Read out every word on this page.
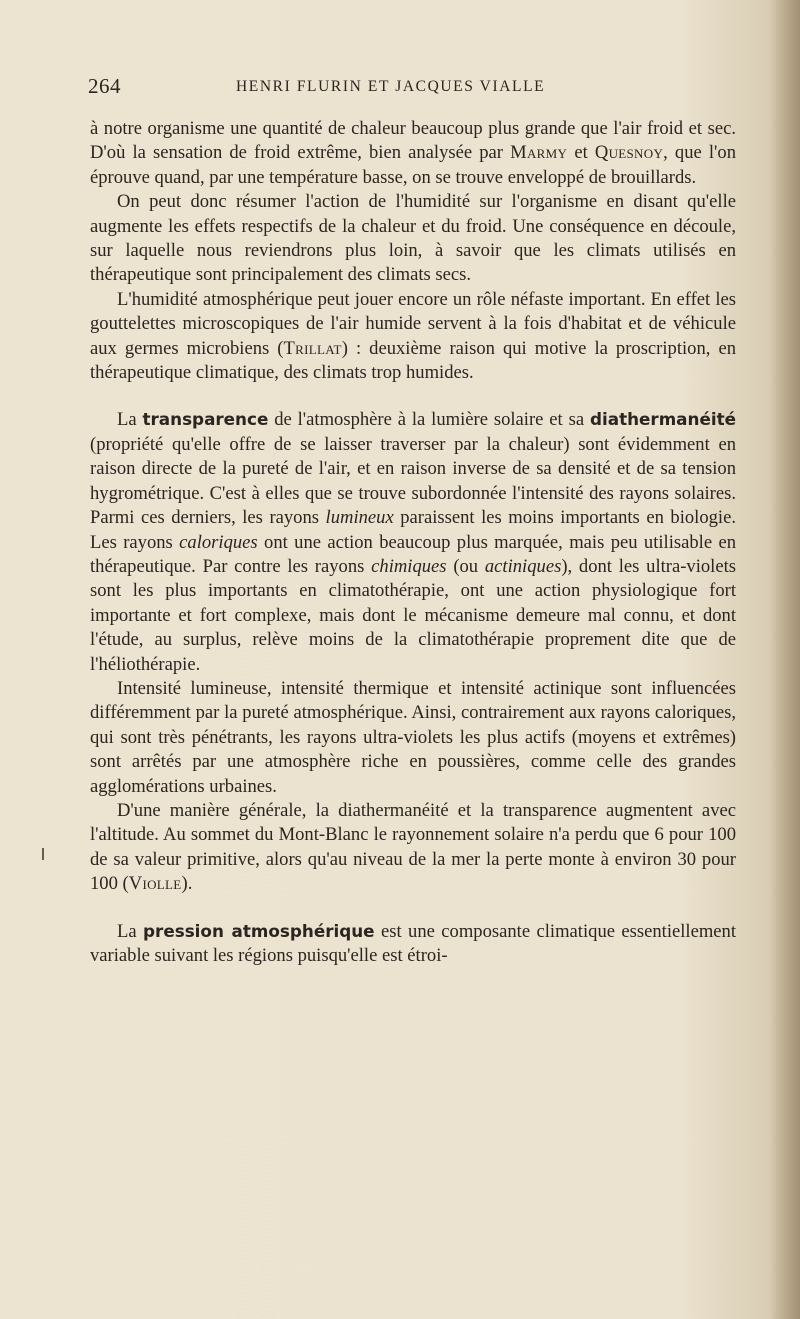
264	HENRI FLURIN ET JACQUES VIALLE

à notre organisme une quantité de chaleur beaucoup plus grande que l'air froid et sec. D'où la sensation de froid extrême, bien analysée par Marmy et Quesnoy, que l'on éprouve quand, par une température basse, on se trouve enveloppé de brouillards.

On peut donc résumer l'action de l'humidité sur l'organisme en disant qu'elle augmente les effets respectifs de la chaleur et du froid. Une conséquence en découle, sur laquelle nous reviendrons plus loin, à savoir que les climats utilisés en thérapeutique sont principalement des climats secs.

L'humidité atmosphérique peut jouer encore un rôle néfaste important. En effet les gouttelettes microscopiques de l'air humide servent à la fois d'habitat et de véhicule aux germes microbiens (Trillat) : deuxième raison qui motive la proscription, en thérapeutique climatique, des climats trop humides.

La transparence de l'atmosphère à la lumière solaire et sa diathermanéité (propriété qu'elle offre de se laisser traverser par la chaleur) sont évidemment en raison directe de la pureté de l'air, et en raison inverse de sa densité et de sa tension hygrométrique. C'est à elles que se trouve subordonnée l'intensité des rayons solaires. Parmi ces derniers, les rayons lumineux paraissent les moins importants en biologie. Les rayons caloriques ont une action beaucoup plus marquée, mais peu utilisable en thérapeutique. Par contre les rayons chimiques (ou actiniques), dont les ultra-violets sont les plus importants en climatothérapie, ont une action physiologique fort importante et fort complexe, mais dont le mécanisme demeure mal connu, et dont l'étude, au surplus, relève moins de la climatothérapie proprement dite que de l'héliothérapie.

Intensité lumineuse, intensité thermique et intensité actinique sont influencées différemment par la pureté atmosphérique. Ainsi, contrairement aux rayons caloriques, qui sont très pénétrants, les rayons ultra-violets les plus actifs (moyens et extrêmes) sont arrêtés par une atmosphère riche en poussières, comme celle des grandes agglomérations urbaines.

D'une manière générale, la diathermanéité et la transparence augmentent avec l'altitude. Au sommet du Mont-Blanc le rayonnement solaire n'a perdu que 6 pour 100 de sa valeur primitive, alors qu'au niveau de la mer la perte monte à environ 30 pour 100 (Violle).

La pression atmosphérique est une composante climatique essentiellement variable suivant les régions puisqu'elle est étroi-
